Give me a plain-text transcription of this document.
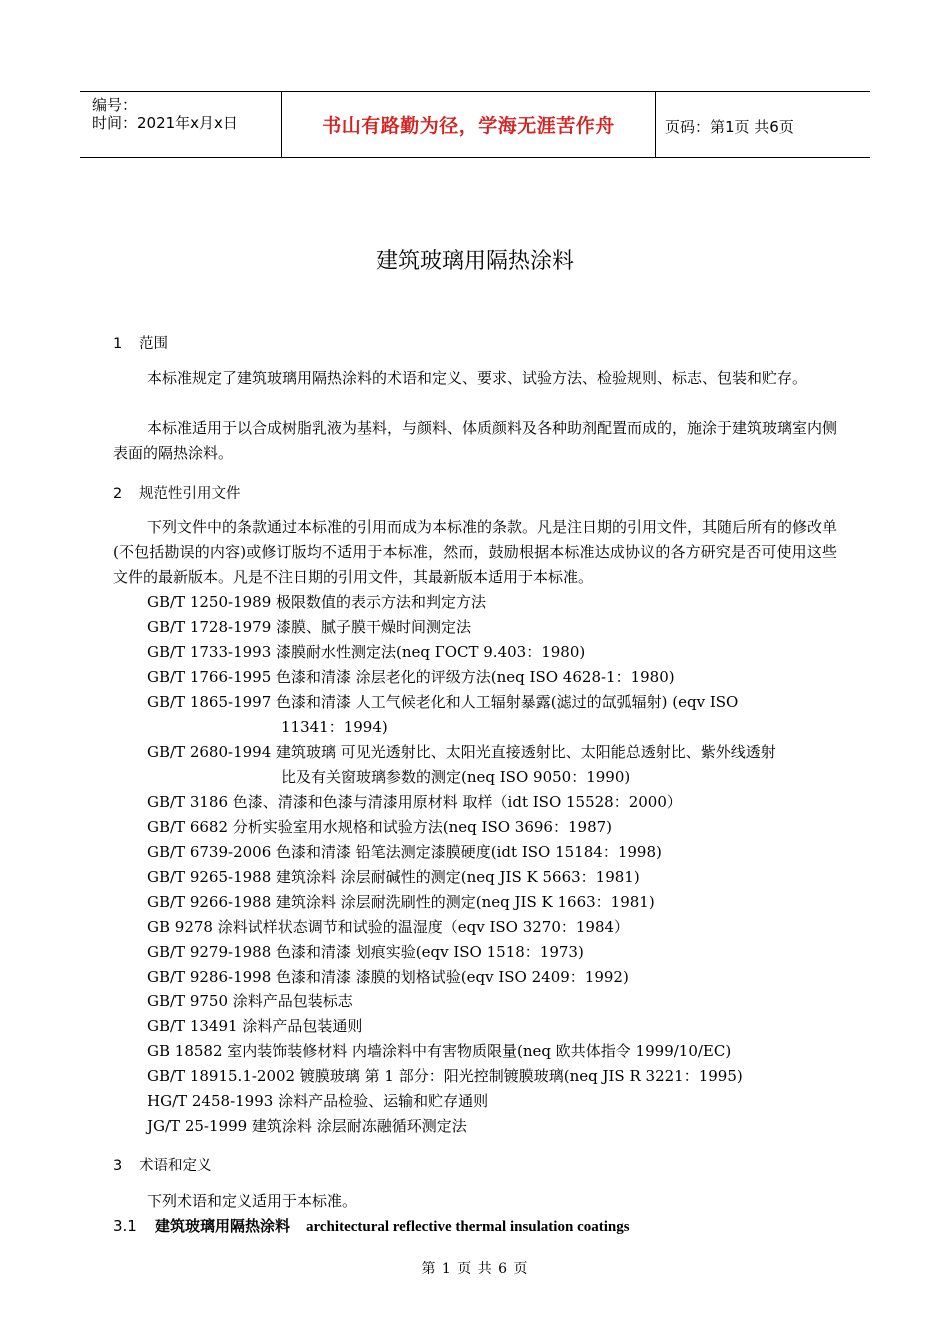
编号：
时间：2021年x月x日	书山有路勤为径，学海无涯苦作舟	页码：第1页 共6页
建筑玻璃用隔热涂料
1 范围
本标准规定了建筑玻璃用隔热涂料的术语和定义、要求、试验方法、检验规则、标志、包装和贮存。
本标准适用于以合成树脂乳液为基料，与颜料、体质颜料及各种助剂配置而成的，施涂于建筑玻璃室内侧表面的隔热涂料。
2 规范性引用文件
下列文件中的条款通过本标准的引用而成为本标准的条款。凡是注日期的引用文件，其随后所有的修改单(不包括勘误的内容)或修订版均不适用于本标准，然而，鼓励根据本标准达成协议的各方研究是否可使用这些文件的最新版本。凡是不注日期的引用文件，其最新版本适用于本标准。
GB/T 1250-1989 极限数值的表示方法和判定方法
GB/T 1728-1979 漆膜、腻子膜干燥时间测定法
GB/T 1733-1993 漆膜耐水性测定法(neq ГОСТ 9.403：1980)
GB/T 1766-1995 色漆和清漆 涂层老化的评级方法(neq ISO 4628-1：1980)
GB/T 1865-1997 色漆和清漆 人工气候老化和人工辐射暴露(滤过的氙弧辐射) (eqv ISO
11341：1994)
GB/T 2680-1994 建筑玻璃 可见光透射比、太阳光直接透射比、太阳能总透射比、紫外线透射
比及有关窗玻璃参数的测定(neq ISO 9050：1990)
GB/T 3186 色漆、清漆和色漆与清漆用原材料 取样（idt ISO 15528：2000）
GB/T 6682 分析实验室用水规格和试验方法(neq ISO 3696：1987)
GB/T 6739-2006 色漆和清漆 铅笔法测定漆膜硬度(idt ISO 15184：1998)
GB/T 9265-1988 建筑涂料 涂层耐碱性的测定(neq JIS K 5663：1981)
GB/T 9266-1988 建筑涂料 涂层耐洗刷性的测定(neq JIS K 1663：1981)
GB 9278 涂料试样状态调节和试验的温湿度（eqv ISO 3270：1984）
GB/T 9279-1988 色漆和清漆 划痕实验(eqv ISO 1518：1973)
GB/T 9286-1998 色漆和清漆 漆膜的划格试验(eqv ISO 2409：1992)
GB/T 9750 涂料产品包装标志
GB/T 13491 涂料产品包装通则
GB 18582 室内装饰装修材料 内墙涂料中有害物质限量(neq 欧共体指令 1999/10/EC)
GB/T 18915.1-2002 镀膜玻璃 第 1 部分：阳光控制镀膜玻璃(neq JIS R 3221：1995)
HG/T 2458-1993 涂料产品检验、运输和贮存通则
JG/T 25-1999 建筑涂料 涂层耐冻融循环测定法
3 术语和定义
下列术语和定义适用于本标准。
3.1 建筑玻璃用隔热涂料 architectural reflective thermal insulation coatings
第 1 页 共 6 页
